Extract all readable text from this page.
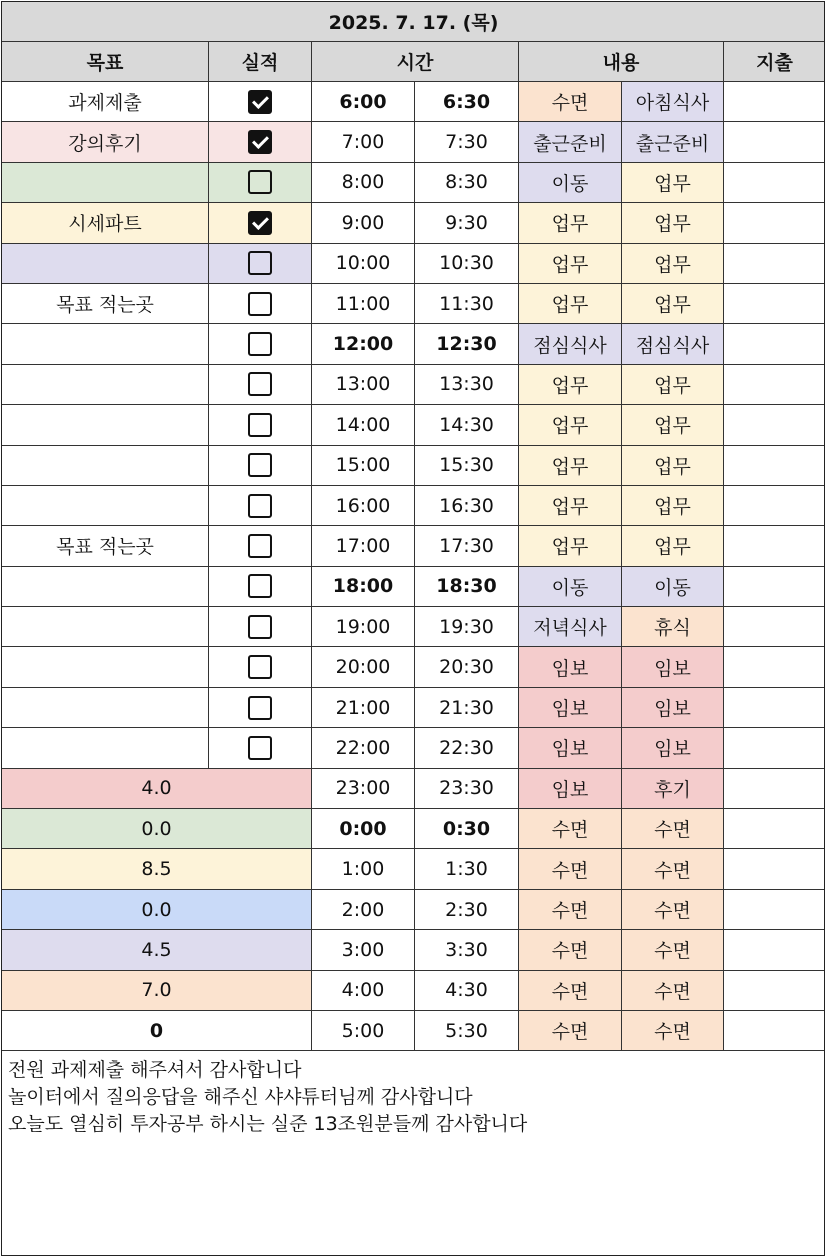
2025. 7. 17. (목)						
목표	실적	시간		내용		지출
과제제출		6:00	6:30	수면	아침식사	
강의후기		7:00	7:30	출근준비	출근준비	
		8:00	8:30	이동	업무	
시세파트		9:00	9:30	업무	업무	
		10:00	10:30	업무	업무	
목표 적는곳		11:00	11:30	업무	업무	
		12:00	12:30	점심식사	점심식사	
		13:00	13:30	업무	업무	
		14:00	14:30	업무	업무	
		15:00	15:30	업무	업무	
		16:00	16:30	업무	업무	
목표 적는곳		17:00	17:30	업무	업무	
		18:00	18:30	이동	이동	
		19:00	19:30	저녁식사	휴식	
		20:00	20:30	임보	임보	
		21:00	21:30	임보	임보	
		22:00	22:30	임보	임보	
4.0		23:00	23:30	임보	후기	
0.0		0:00	0:30	수면	수면	
8.5		1:00	1:30	수면	수면	
0.0		2:00	2:30	수면	수면	
4.5		3:00	3:30	수면	수면	
7.0		4:00	4:30	수면	수면	
0		5:00	5:30	수면	수면	

전원 과제제출 해주셔서 감사합니다
놀이터에서 질의응답을 해주신 샤샤튜터님께 감사합니다
오늘도 열심히 투자공부 하시는 실준 13조원분들께 감사합니다
